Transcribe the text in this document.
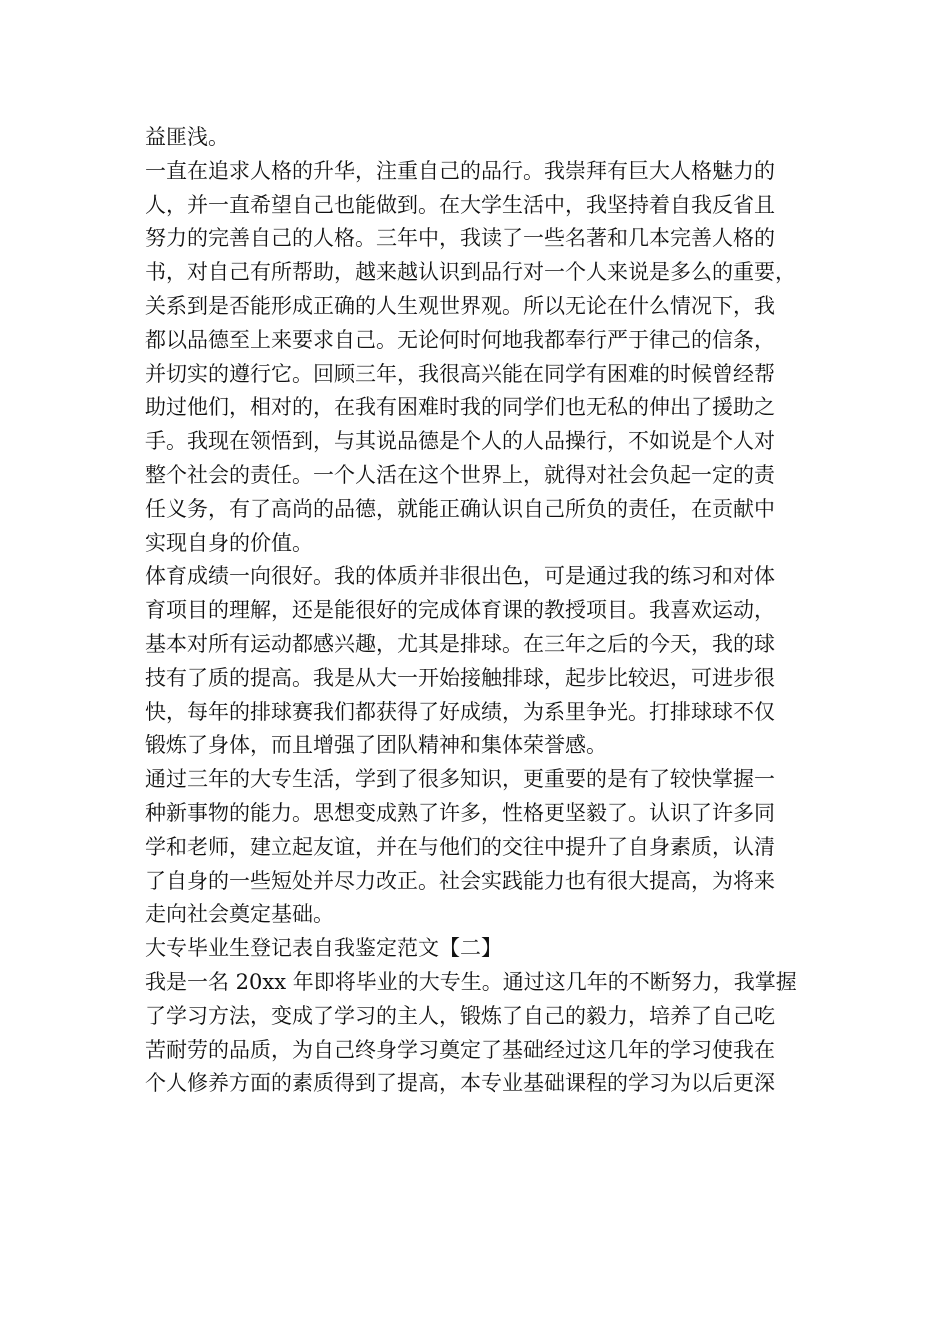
益匪浅。
一直在追求人格的升华，注重自己的品行。我崇拜有巨大人格魅力的
人，并一直希望自己也能做到。在大学生活中，我坚持着自我反省且
努力的完善自己的人格。三年中，我读了一些名著和几本完善人格的
书，对自己有所帮助，越来越认识到品行对一个人来说是多么的重要，
关系到是否能形成正确的人生观世界观。所以无论在什么情况下，我
都以品德至上来要求自己。无论何时何地我都奉行严于律己的信条，
并切实的遵行它。回顾三年，我很高兴能在同学有困难的时候曾经帮
助过他们，相对的，在我有困难时我的同学们也无私的伸出了援助之
手。我现在领悟到，与其说品德是个人的人品操行，不如说是个人对
整个社会的责任。一个人活在这个世界上，就得对社会负起一定的责
任义务，有了高尚的品德，就能正确认识自己所负的责任，在贡献中
实现自身的价值。
体育成绩一向很好。我的体质并非很出色，可是通过我的练习和对体
育项目的理解，还是能很好的完成体育课的教授项目。我喜欢运动，
基本对所有运动都感兴趣，尤其是排球。在三年之后的今天，我的球
技有了质的提高。我是从大一开始接触排球，起步比较迟，可进步很
快，每年的排球赛我们都获得了好成绩，为系里争光。打排球球不仅
锻炼了身体，而且增强了团队精神和集体荣誉感。
通过三年的大专生活，学到了很多知识，更重要的是有了较快掌握一
种新事物的能力。思想变成熟了许多，性格更坚毅了。认识了许多同
学和老师，建立起友谊，并在与他们的交往中提升了自身素质，认清
了自身的一些短处并尽力改正。社会实践能力也有很大提高，为将来
走向社会奠定基础。
大专毕业生登记表自我鉴定范文【二】
我是一名 20xx 年即将毕业的大专生。通过这几年的不断努力，我掌握
了学习方法，变成了学习的主人，锻炼了自己的毅力，培养了自己吃
苦耐劳的品质，为自己终身学习奠定了基础经过这几年的学习使我在
个人修养方面的素质得到了提高，本专业基础课程的学习为以后更深
